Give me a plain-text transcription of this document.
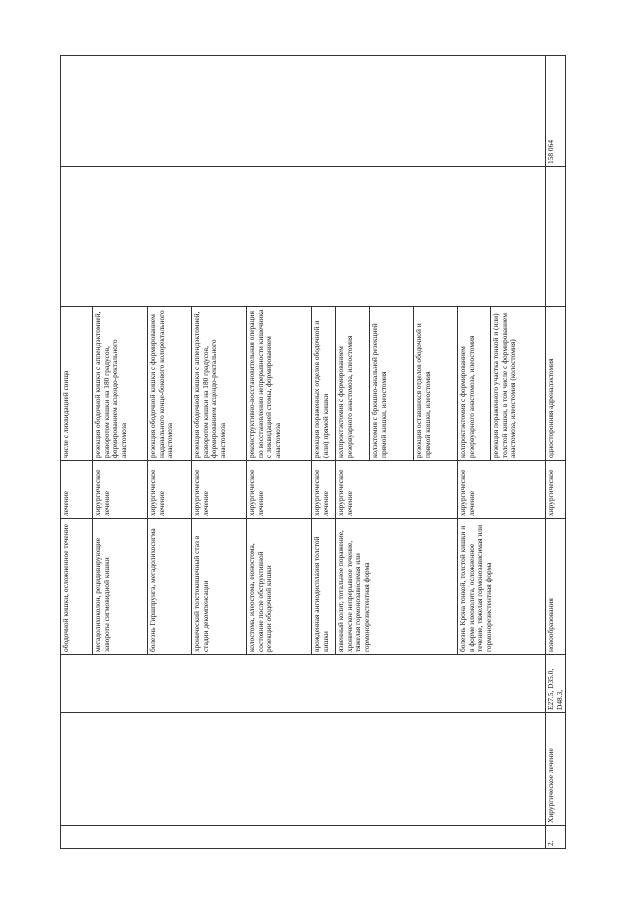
			ободочной кишки, осложненное течение	лечение	числе с ликвидацией свища		
			мегадолихоколон, рецидивирующие завороты сигмовидной кишки	хирургическое лечение	резекция ободочной кишки с аппендэктомией, разворотом кишки на 180 градусов, формированием асцендо-ректального анастомоза		
			болезнь Гиршпрунга, мегадолихосигма	хирургическое лечение	резекция ободочной кишки с формированием наданального конце-бокового колоректального анастомоза		
			хронический толстокишечный стаз в стадии декомпенсации	хирургическое лечение	резекция ободочной кишки с аппендэктомией, разворотом кишки на 180 градусов, формированием асцендо-ректального анастомоза		
			колостома, илеостома, еюностома, состояние после обструктивной резекции ободочной кишки	хирургическое лечение	реконструктивно-восстановительная операция по восстановлению непрерывности кишечника с ликвидацией стомы, формированием анастомоза		
			врожденная ангиодисплазия толстой кишки	хирургическое лечение	резекция пораженных отделов ободочной и (или) прямой кишки		
			язвенный колит, тотальное поражение, хроническое непрерывное течение, тяжелая гормонозависимая или гормонорезистентная форма	хирургическое лечение	колпроктэктомия с формированием резервуарного анастомоза, илеостомия		
					колэктомия с брюшно-анальной резекцией прямой кишки, илеостомия		
					резекция оставшихся отделов ободочной и прямой кишки, илеостомия		
			болезнь Крона тонкой, толстой кишки и в форме илеоколита, осложненное течение, тяжелая гормонозависимая или гормонорезистентная форма	хирургическое лечение	колпроктэктомия с формированием резервуарного анастомоза, илеостомия		
					резекция пораженного участка тонкой и (или) толстой кишки, в том числе с формированием анастомоза, илеостомия (колостомия)		
2.	Хирургическое лечение	E27.5, D35.0, D48.3,	новообразования	хирургическое	односторонняя адреналэктомия		158 064
